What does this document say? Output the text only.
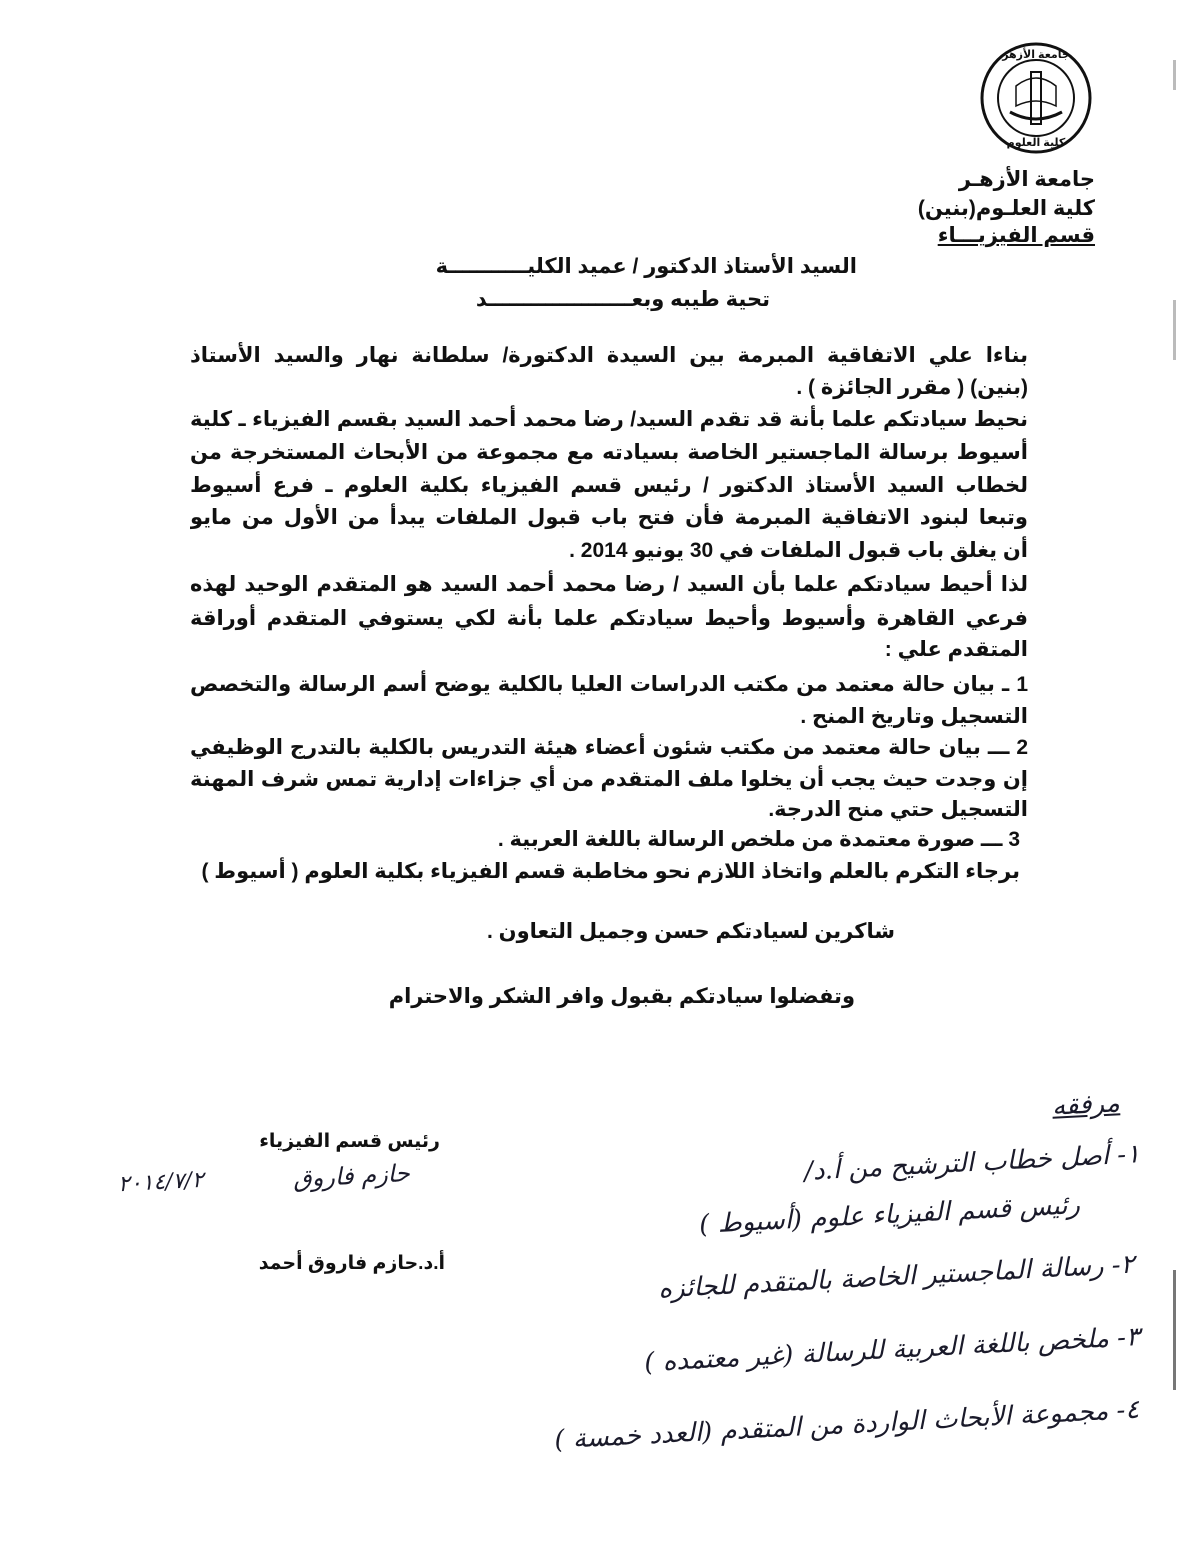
جامعة الأزهر
كلية العلوم
جامعة الأزهـر
كلية العلـوم(بنين)
قسم الفيزيـــاء
السيد الأستاذ الدكتور / عميد الكليـــــــــــة
تحية طيبه وبعــــــــــــــــــــد
بناءا علي الاتفاقية المبرمة بين السيدة الدكتورة/ سلطانة نهار والسيد الأستاذ
(بنين) ( مقرر الجائزة ) .
نحيط سيادتكم علما بأنة قد تقدم السيد/ رضا محمد أحمد السيد بقسم الفيزياء ـ كلية
أسيوط برسالة الماجستير الخاصة بسيادته مع مجموعة من الأبحاث المستخرجة من
لخطاب السيد الأستاذ الدكتور / رئيس قسم الفيزياء بكلية العلوم ـ فرع أسيوط
وتبعا لبنود الاتفاقية المبرمة فأن فتح باب قبول الملفات يبدأ من الأول من مايو
أن يغلق باب قبول الملفات في 30 يونيو 2014 .
لذا أحيط سيادتكم علما بأن السيد / رضا محمد أحمد السيد هو المتقدم الوحيد لهذه
فرعي القاهرة وأسيوط وأحيط سيادتكم علما بأنة لكي يستوفي المتقدم أوراقة
المتقدم علي :
1 ـ بيان حالة معتمد من مكتب الدراسات العليا بالكلية يوضح أسم الرسالة والتخصص
التسجيل وتاريخ المنح .
2 ـــ بيان حالة معتمد من مكتب شئون أعضاء هيئة التدريس بالكلية بالتدرج الوظيفي
إن وجدت حيث يجب أن يخلوا ملف المتقدم من أي جزاءات إدارية تمس شرف المهنة
التسجيل حتي منح الدرجة.
3 ـــ صورة معتمدة من ملخص الرسالة باللغة العربية .
برجاء التكرم بالعلم واتخاذ اللازم نحو مخاطبة قسم الفيزياء بكلية العلوم ( أسيوط )
شاكرين لسيادتكم حسن وجميل التعاون .
وتفضلوا سيادتكم بقبول وافر الشكر والاحترام
رئيس قسم الفيزياء
حازم فاروق
٢٠١٤/٧/٢
أ.د.حازم فاروق أحمد
مرفقه
١- أصل خطاب الترشيح من أ.د/
رئيس قسم الفيزياء علوم (أسيوط )
٢- رسالة الماجستير الخاصة بالمتقدم للجائزه
٣- ملخص باللغة العربية للرسالة (غير معتمده )
٤- مجموعة الأبحاث الواردة من المتقدم (العدد خمسة )
